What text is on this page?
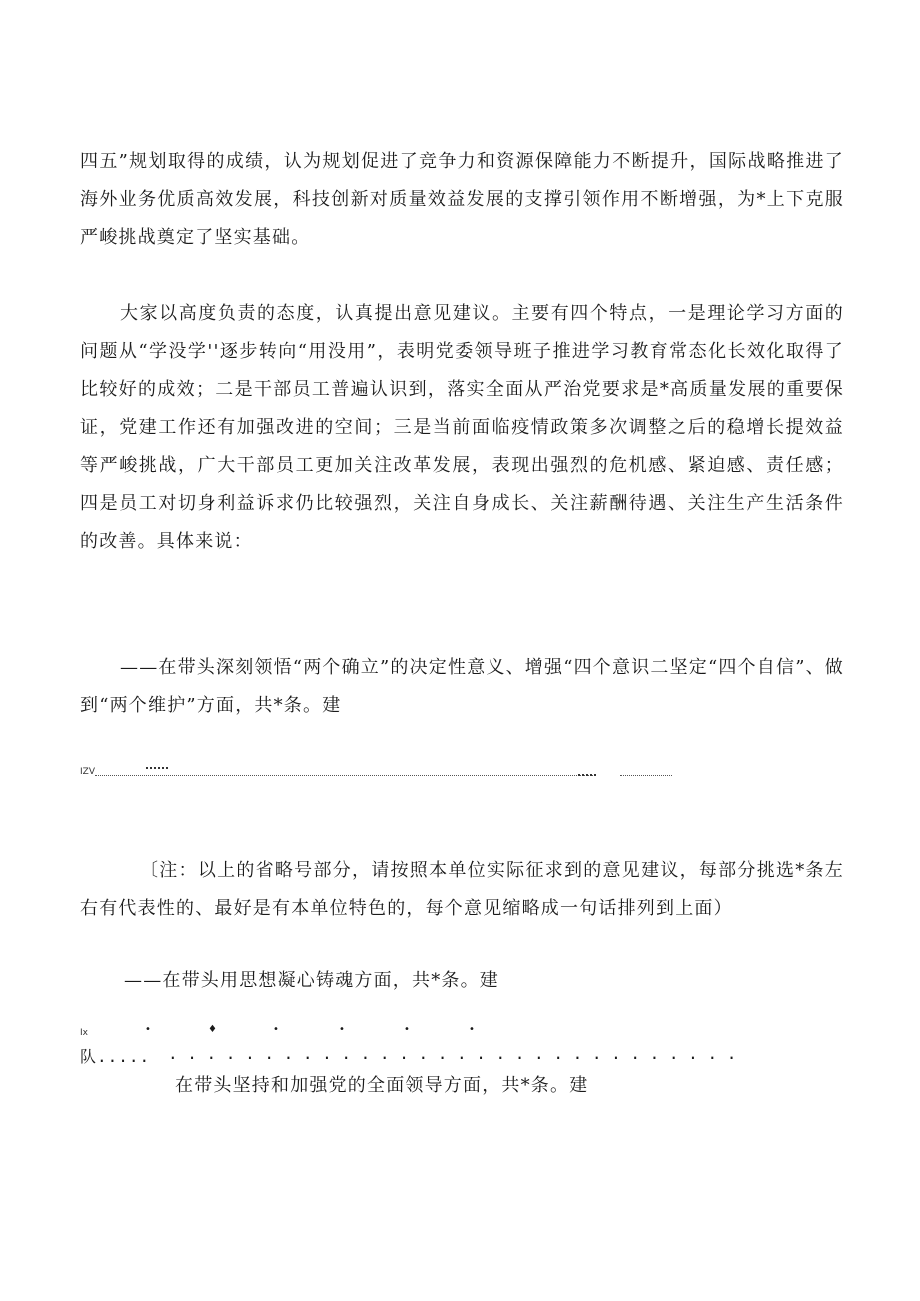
四五”规划取得的成绩，认为规划促进了竞争力和资源保障能力不断提升，国际战略推进了海外业务优质高效发展，科技创新对质量效益发展的支撑引领作用不断增强，为*上下克服严峻挑战奠定了坚实基础。

大家以高度负责的态度，认真提出意见建议。主要有四个特点，一是理论学习方面的问题从“学没学''逐步转向“用没用”，表明党委领导班子推进学习教育常态化长效化取得了比较好的成效；二是干部员工普遍认识到，落实全面从严治党要求是*高质量发展的重要保证，党建工作还有加强改进的空间；三是当前面临疫情政策多次调整之后的稳增长提效益等严峻挑战，广大干部员工更加关注改革发展，表现出强烈的危机感、紧迫感、责任感；四是员工对切身利益诉求仍比较强烈，关注自身成长、关注薪酬待遇、关注生产生活条件的改善。具体来说：

——在带头深刻领悟“两个确立”的决定性意义、增强“四个意识二坚定“四个自信”、做到“两个维护”方面，共*条。建

IZV

〔注：以上的省略号部分，请按照本单位实际征求到的意见建议，每部分挑选*条左右有代表性的、最好是有本单位特色的，每个意见缩略成一句话排列到上面）

——在带头用思想凝心铸魂方面，共*条。建

Ix	•	♦	•	•	•	•
队..... . . . . . . . . . . . . . . . . . . . . . . . . . . . . . .

在带头坚持和加强党的全面领导方面，共*条。建
